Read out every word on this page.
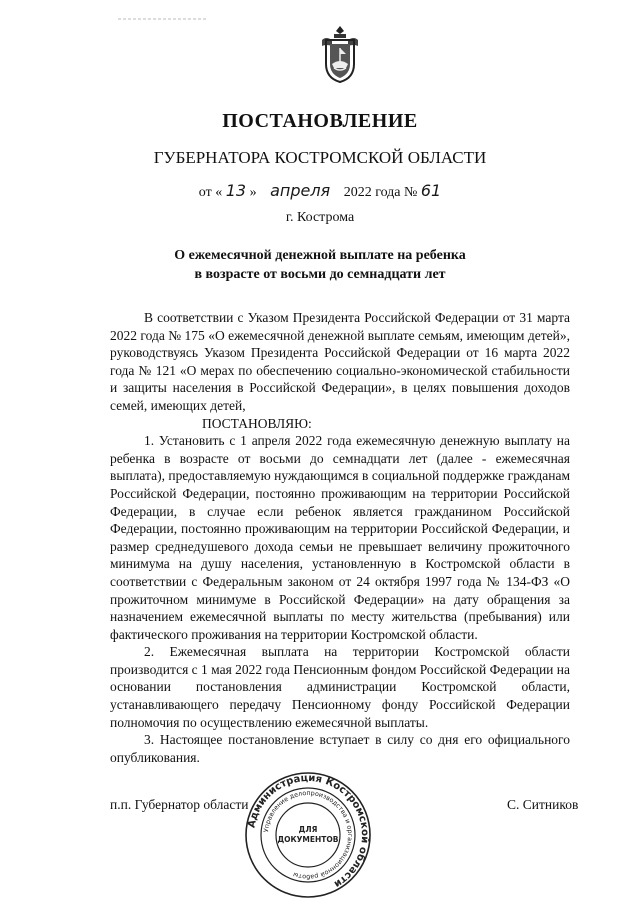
ПОСТАНОВЛЕНИЕ
ГУБЕРНАТОРА КОСТРОМСКОЙ ОБЛАСТИ
от « 13 » апреля 2022 года № 61
г. Кострома
О ежемесячной денежной выплате на ребенка
в возрасте от восьми до семнадцати лет

В соответствии с Указом Президента Российской Федерации от 31 марта 2022 года № 175 «О ежемесячной денежной выплате семьям, имеющим детей», руководствуясь Указом Президента Российской Федерации от 16 марта 2022 года № 121 «О мерах по обеспечению социально-экономической стабильности и защиты населения в Российской Федерации», в целях повышения доходов семей, имеющих детей,

ПОСТАНОВЛЯЮ:

1. Установить с 1 апреля 2022 года ежемесячную денежную выплату на ребенка в возрасте от восьми до семнадцати лет (далее - ежемесячная выплата), предоставляемую нуждающимся в социальной поддержке гражданам Российской Федерации, постоянно проживающим на территории Российской Федерации, в случае если ребенок является гражданином Российской Федерации, постоянно проживающим на территории Российской Федерации, и размер среднедушевого дохода семьи не превышает величину прожиточного минимума на душу населения, установленную в Костромской области в соответствии с Федеральным законом от 24 октября 1997 года № 134-ФЗ «О прожиточном минимуме в Российской Федерации» на дату обращения за назначением ежемесячной выплаты по месту жительства (пребывания) или фактического проживания на территории Костромской области.

2. Ежемесячная выплата на территории Костромской области производится с 1 мая 2022 года Пенсионным фондом Российской Федерации на основании постановления администрации Костромской области, устанавливающего передачу Пенсионному фонду Российской Федерации полномочия по осуществлению ежемесячной выплаты.

3. Настоящее постановление вступает в силу со дня его официального опубликования.

п.п. Губернатор области	С. Ситников
Администрация Костромской области
Управление делопроизводства и организационной работы
ДЛЯ
ДОКУМЕНТОВ
